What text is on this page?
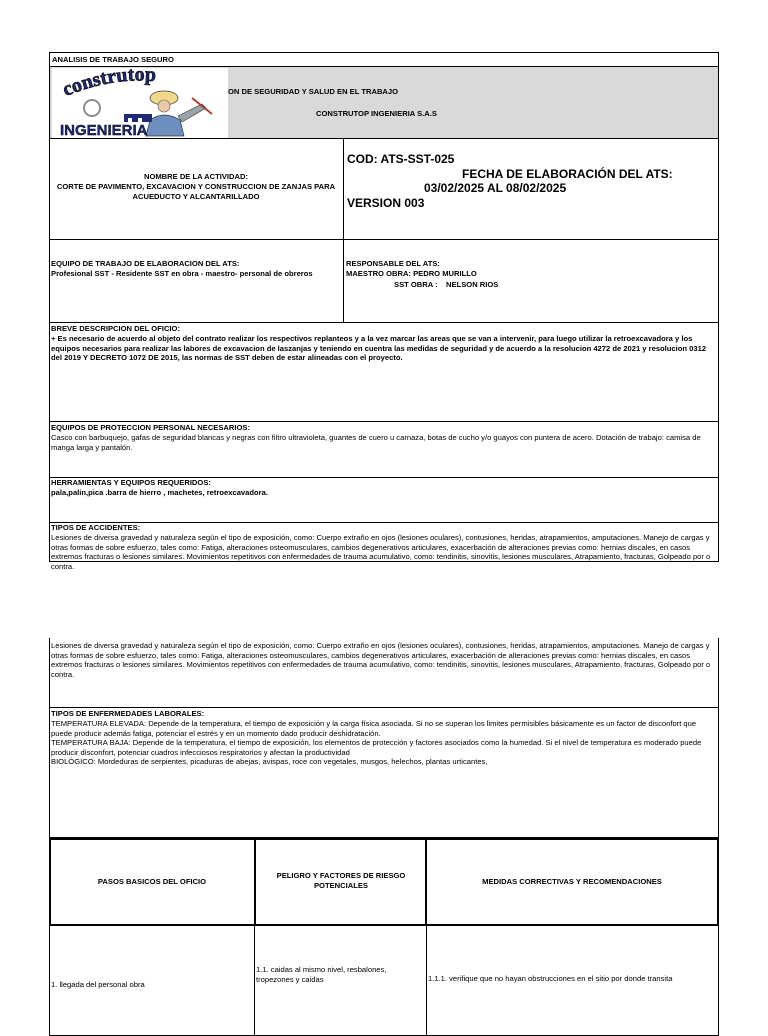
ANALISIS DE TRABAJO SEGURO
ON DE SEGURIDAD Y SALUD EN EL TRABAJO
CONSTRUTOP INGENIERIA S.A.S
construtop
INGENIERIA
NOMBRE DE LA ACTIVIDAD:
CORTE DE PAVIMENTO, EXCAVACION Y CONSTRUCCION DE ZANJAS PARA ACUEDUCTO Y ALCANTARILLADO
COD: ATS-SST-025
FECHA DE ELABORACIÓN DEL ATS:
03/02/2025 AL 08/02/2025
VERSION 003
EQUIPO DE TRABAJO DE ELABORACION DEL ATS:
Profesional SST - Residente SST en obra - maestro- personal de obreros
RESPONSABLE DEL ATS:
MAESTRO OBRA: PEDRO MURILLO
SST OBRA :    NELSON RIOS
BREVE DESCRIPCION DEL OFICIO:
+ Es necesario de acuerdo al objeto del contrato realizar los respectivos replanteos y a la vez marcar las areas que se van a intervenir, para luego utilizar la retroexcavadora y los equipos necesarios para realizar las labores de excavacion de laszanjas y teniendo en cuentra las medidas de seguridad y de acuerdo a la resolucion 4272 de 2021 y resolucion 0312 del 2019 Y DECRETO 1072 DE 2015, las normas de SST deben de estar alineadas con el proyecto.
EQUIPOS DE PROTECCION PERSONAL NECESARIOS:
Casco con barbuquejo, gafas de seguridad blancas y negras con filtro ultravioleta, guantes de cuero u carnaza, botas de cucho y/o guayos con puntera de acero. Dotación de trabajo: camisa de manga larga y pantalón.
HERRAMIENTAS Y EQUIPOS REQUERIDOS:
pala,palin,pica .barra de hierro , machetes, retroexcavadora.
TIPOS DE ACCIDENTES:
Lesiones de diversa gravedad y naturaleza según el tipo de exposición, como: Cuerpo extraño en ojos (lesiones oculares), contusiones, heridas, atrapamientos, amputaciones. Manejo de cargas y otras formas de sobre esfuerzo, tales como: Fatiga, alteraciones osteomusculares, cambios degenerativos articulares, exacerbación de alteraciones previas como: hernias discales, en casos extremos fracturas o lesiones similares. Movimientos repetitivos con enfermedades de trauma acumulativo, como: tendinitis, sinovitis, lesiones musculares, Atrapamiento, fracturas, Golpeado por o contra.
Lesiones de diversa gravedad y naturaleza según el tipo de exposición, como: Cuerpo extraño en ojos (lesiones oculares), contusiones, heridas, atrapamientos, amputaciones. Manejo de cargas y otras formas de sobre esfuerzo, tales como: Fatiga, alteraciones osteomusculares, cambios degenerativos articulares, exacerbación de alteraciones previas como: hernias discales, en casos extremos fracturas o lesiones similares. Movimientos repetitivos con enfermedades de trauma acumulativo, como: tendinitis, sinovitis, lesiones musculares, Atrapamiento, fracturas, Golpeado por o contra.
TIPOS DE ENFERMEDADES LABORALES:
TEMPERATURA ELEVADA: Depende de la temperatura, el tiempo de exposición y la carga física asociada. Si no se superan los limites permisibles básicamente es un factor de disconfort que puede producir además fatiga, potenciar el estrés y en un momento dado producir deshidratación.
TEMPERATURA BAJA: Depende de la temperatura, el tiempo de exposición, los elementos de protección y factores asociados como la humedad. Si el nivel de temperatura es moderado puede producir disconfort, potenciar cuadros infecciosos respiratorios y afectan la productividad
BIOLÓGICO: Mordeduras de serpientes, picaduras de abejas, avispas, roce con vegetales, musgos, helechos, plantas urticantes,
PASOS BASICOS DEL OFICIO
PELIGRO Y FACTORES DE RIESGO POTENCIALES	MEDIDAS CORRECTIVAS Y RECOMENDACIONES
1. llegada del personal obra
1.1. caidas al mismo nivel, resbalones, tropezones y caidas	1.1.1. verifique que no hayan obstrucciones en el sitio por donde transita
